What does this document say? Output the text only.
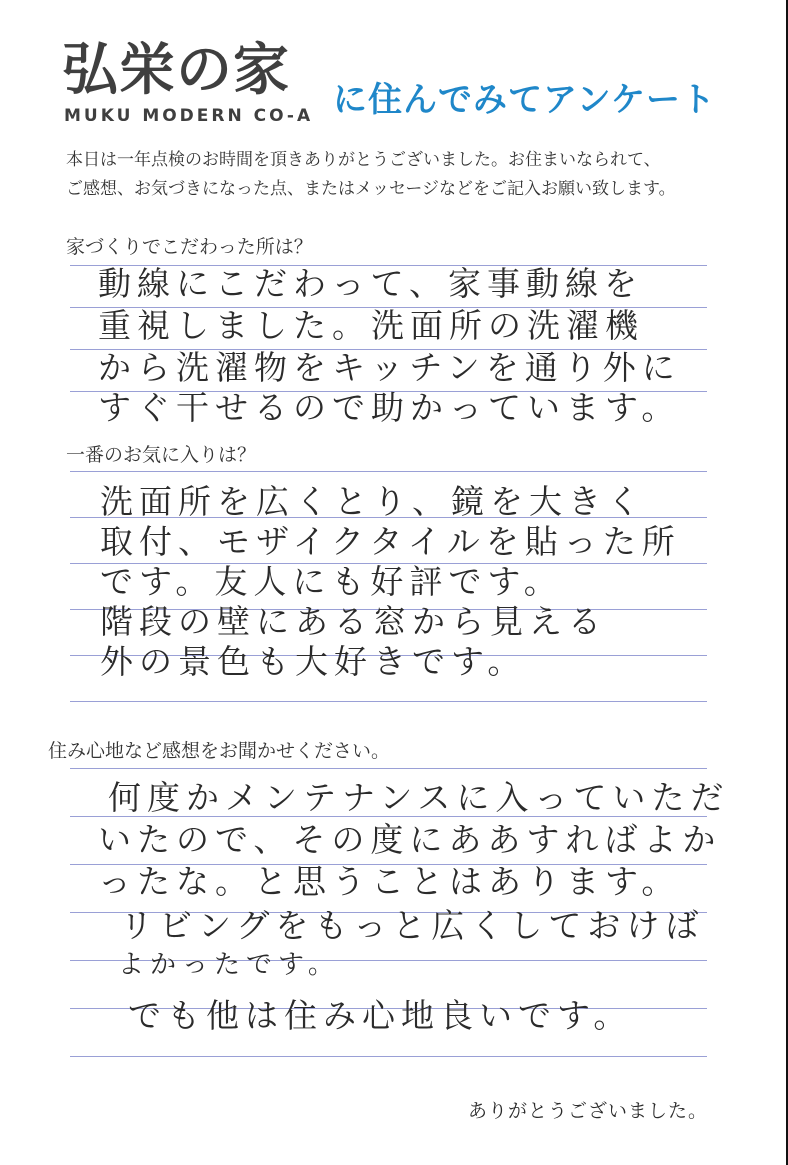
弘栄の家
MUKU MODERN CO-A に住んでみてアンケート
本日は一年点検のお時間を頂きありがとうございました。お住まいなられて、
ご感想、お気づきになった点、またはメッセージなどをご記入お願い致します。
家づくりでこだわった所は？
動線にこだわって、家事動線を
重視しました。洗面所の洗濯機
から洗濯物をキッチンを通り外に
すぐ干せるので助かっています。
一番のお気に入りは？
洗面所を広くとり、鏡を大きく
取付、モザイクタイルを貼った所
です。友人にも好評です。
階段の壁にある窓から見える
外の景色も大好きです。
住み心地など感想をお聞かせください。
何度かメンテナンスに入っていただ
いたので、その度にああすればよか
ったな。と思うことはあります。
リビングをもっと広くしておけば
よかったです。
でも他は住み心地良いです。
ありがとうございました。
